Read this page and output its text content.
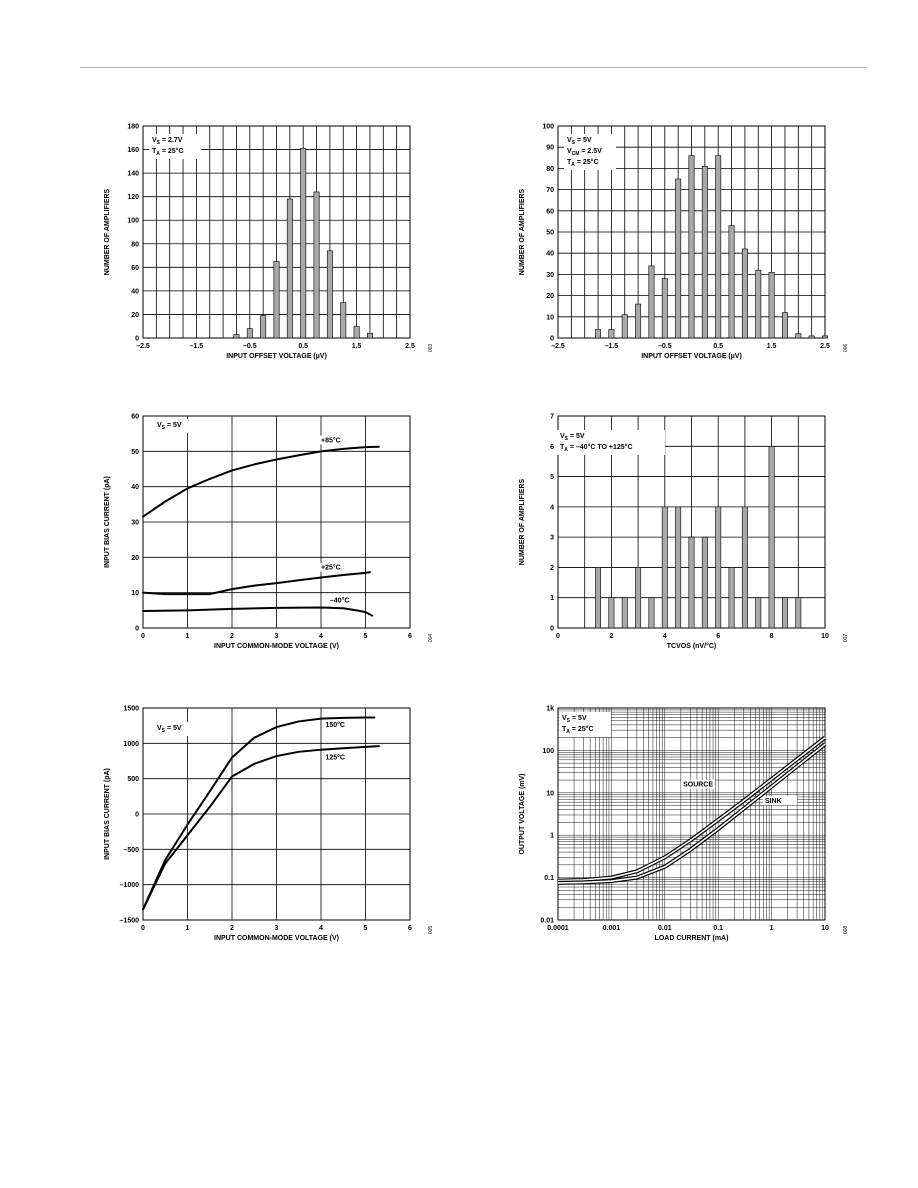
–2.5	–1.5	–0.5	0.5	1.5	2.5
0
20
40
60
80
100
120
140
160
180
INPUT OFFSET VOLTAGE (µV)
NUMBER OF AMPLIFIERS
003
$V_S = 2.7V$
$T_A = 25^\circ C$
–2.5	–1.5	–0.5	0.5	1.5	2.5
0
10
20
30
40
50
60
70
80
90
100
INPUT OFFSET VOLTAGE (µV)
NUMBER OF AMPLIFIERS
006
$V_S = 5V$
$V_{CM} = 2.5V$
$T_A = 25^\circ C$
0	1	2	3	4	5	6
0
10
20
30
40
50
60
INPUT COMMON-MODE VOLTAGE (V)
INPUT BIAS CURRENT (pA)
004
+85°C
+25°C
–40°C
$V_S = 5V$
0	2	4	6	8	10
0
1
2
3
4
5
6
7
TCVOS (nV/°C)
NUMBER OF AMPLIFIERS
007
$V_S = 5V$
$T_A = -40^\circ C$ TO +125°C
0	1	2	3	4	5	6
–1500
–1000
–500
0
500
1000
1500
INPUT COMMON-MODE VOLTAGE (V)
INPUT BIAS CURRENT (pA)
005
150°C
125°C
$V_S = 5V$
0.0001	0.001	0.01	0.1	1	10
0.01
0.1
1
10
100
1k
LOAD CURRENT (mA)
OUTPUT VOLTAGE (mV)
008
SOURCE
SINK
$V_S = 5V$
$T_A = 25^\circ C$
